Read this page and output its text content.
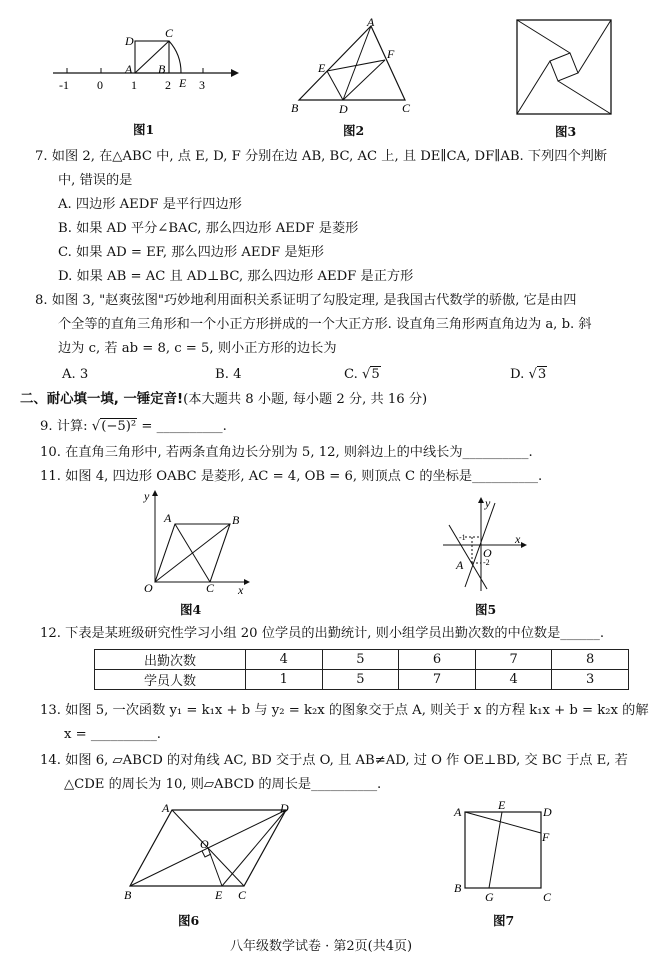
-1 0 1 2 3
D
C
A B
E
图1
A
E
F
B	D	C
图2	图3
7. 如图 2, 在△ABC 中, 点 E, D, F 分别在边 AB, BC, AC 上, 且 DE∥CA, DF∥AB. 下列四个判断
中, 错误的是
A. 四边形 AEDF 是平行四边形
B. 如果 AD 平分∠BAC, 那么四边形 AEDF 是菱形
C. 如果 AD = EF, 那么四边形 AEDF 是矩形
D. 如果 AB = AC 且 AD⊥BC, 那么四边形 AEDF 是正方形
8. 如图 3, "赵爽弦图"巧妙地利用面积关系证明了勾股定理, 是我国古代数学的骄傲, 它是由四
个全等的直角三角形和一个小正方形拼成的一个大正方形. 设直角三角形两直角边为 a, b. 斜
边为 c, 若 ab = 8, c = 5, 则小正方形的边长为
A. 3	B. 4	C. √5	D. √3
二、耐心填一填, 一锤定音!(本大题共 8 小题, 每小题 2 分, 共 16 分)
9. 计算: √(−5)² = __________.
10. 在直角三角形中, 若两条直角边长分别为 5, 12, 则斜边上的中线长为__________.
11. 如图 4, 四边形 OABC 是菱形, AC = 4, OB = 6, 则顶点 C 的坐标是__________.
y
A	B
O	C x
图4
y
x
O
A
-1
-2
图5
12. 下表是某班级研究性学习小组 20 位学员的出勤统计, 则小组学员出勤次数的中位数是______.
出勤次数	4	5	6	7	8
学员人数	1	5	7	4	3
13. 如图 5, 一次函数 y₁ = k₁x + b 与 y₂ = k₂x 的图象交于点 A, 则关于 x 的方程 k₁x + b = k₂x 的解
x = __________.
14. 如图 6, ▱ABCD 的对角线 AC, BD 交于点 O, 且 AB≠AD, 过 O 作 OE⊥BD, 交 BC 于点 E, 若
△CDE 的周长为 10, 则▱ABCD 的周长是__________.
A	D
O
B	E C
图6
A	E	D
F
B
G	C
图7
八年级数学试卷 · 第2页(共4页)
